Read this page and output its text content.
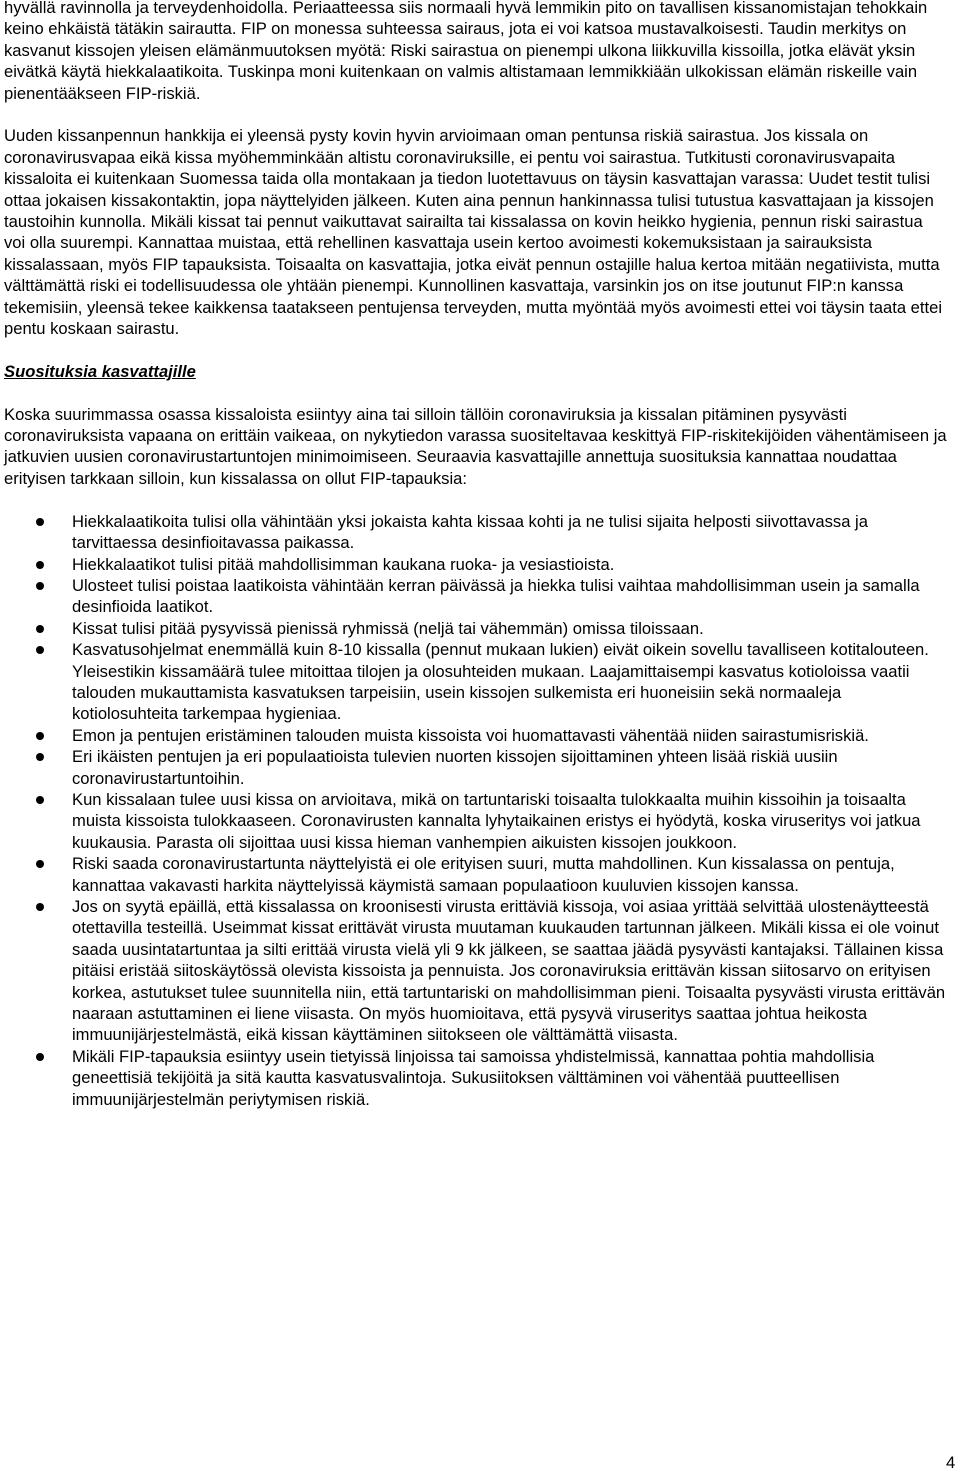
hyvällä ravinnolla ja terveydenhoidolla. Periaatteessa siis normaali hyvä lemmikin pito on tavallisen kissanomistajan tehokkain keino ehkäistä tätäkin sairautta. FIP on monessa suhteessa sairaus, jota ei voi katsoa mustavalkoisesti. Taudin merkitys on kasvanut kissojen yleisen elämänmuutoksen myötä: Riski sairastua on pienempi ulkona liikkuvilla kissoilla, jotka elävät yksin eivätkä käytä hiekkalaatikoita. Tuskinpa moni kuitenkaan on valmis altistamaan lemmikkiään ulkokissan elämän riskeille vain pienentääkseen FIP-riskiä.

Uuden kissanpennun hankkija ei yleensä pysty kovin hyvin arvioimaan oman pentunsa riskiä sairastua. Jos kissala on coronavirusvapaa eikä kissa myöhemminkään altistu coronaviruksille, ei pentu voi sairastua. Tutkitusti coronavirusvapaita kissaloita ei kuitenkaan Suomessa taida olla montakaan ja tiedon luotettavuus on täysin kasvattajan varassa: Uudet testit tulisi ottaa jokaisen kissakontaktin, jopa näyttelyiden jälkeen. Kuten aina pennun hankinnassa tulisi tutustua kasvattajaan ja kissojen taustoihin kunnolla. Mikäli kissat tai pennut vaikuttavat sairailta tai kissalassa on kovin heikko hygienia, pennun riski sairastua voi olla suurempi. Kannattaa muistaa, että rehellinen kasvattaja usein kertoo avoimesti kokemuksistaan ja sairauksista kissalassaan, myös FIP tapauksista. Toisaalta on kasvattajia, jotka eivät pennun ostajille halua kertoa mitään negatiivista, mutta välttämättä riski ei todellisuudessa ole yhtään pienempi. Kunnollinen kasvattaja, varsinkin jos on itse joutunut FIP:n kanssa tekemisiin, yleensä tekee kaikkensa taatakseen pentujensa terveyden, mutta myöntää myös avoimesti ettei voi täysin taata ettei pentu koskaan sairastu.

Suosituksia kasvattajille

Koska suurimmassa osassa kissaloista esiintyy aina tai silloin tällöin coronaviruksia ja kissalan pitäminen pysyvästi coronaviruksista vapaana on erittäin vaikeaa, on nykytiedon varassa suositeltavaa keskittyä FIP-riskitekijöiden vähentämiseen ja jatkuvien uusien coronavirustartuntojen minimoimiseen. Seuraavia kasvattajille annettuja suosituksia kannattaa noudattaa erityisen tarkkaan silloin, kun kissalassa on ollut FIP-tapauksia:

Hiekkalaatikoita tulisi olla vähintään yksi jokaista kahta kissaa kohti ja ne tulisi sijaita helposti siivottavassa ja tarvittaessa desinfioitavassa paikassa.
Hiekkalaatikot tulisi pitää mahdollisimman kaukana ruoka- ja vesiastioista.
Ulosteet tulisi poistaa laatikoista vähintään kerran päivässä ja hiekka tulisi vaihtaa mahdollisimman usein ja samalla desinfioida laatikot.
Kissat tulisi pitää pysyvissä pienissä ryhmissä (neljä tai vähemmän) omissa tiloissaan.
Kasvatusohjelmat enemmällä kuin 8-10 kissalla (pennut mukaan lukien) eivät oikein sovellu tavalliseen kotitalouteen. Yleisestikin kissamäärä tulee mitoittaa tilojen ja olosuhteiden mukaan. Laajamittaisempi kasvatus kotioloissa vaatii talouden mukauttamista kasvatuksen tarpeisiin, usein kissojen sulkemista eri huoneisiin sekä normaaleja kotiolosuhteita tarkempaa hygieniaa.
Emon ja pentujen eristäminen talouden muista kissoista voi huomattavasti vähentää niiden sairastumisriskiä.
Eri ikäisten pentujen ja eri populaatioista tulevien nuorten kissojen sijoittaminen yhteen lisää riskiä uusiin coronavirustartuntoihin.
Kun kissalaan tulee uusi kissa on arvioitava, mikä on tartuntariski toisaalta tulokkaalta muihin kissoihin ja toisaalta muista kissoista tulokkaaseen. Coronavirusten kannalta lyhytaikainen eristys ei hyödytä, koska viruseritys voi jatkua kuukausia. Parasta oli sijoittaa uusi kissa hieman vanhempien aikuisten kissojen joukkoon.
Riski saada coronavirustartunta näyttelyistä ei ole erityisen suuri, mutta mahdollinen. Kun kissalassa on pentuja, kannattaa vakavasti harkita näyttelyissä käymistä samaan populaatioon kuuluvien kissojen kanssa.
Jos on syytä epäillä, että kissalassa on kroonisesti virusta erittäviä kissoja, voi asiaa yrittää selvittää ulostenäytteestä otettavilla testeillä. Useimmat kissat erittävät virusta muutaman kuukauden tartunnan jälkeen. Mikäli kissa ei ole voinut saada uusintatartuntaa ja silti erittää virusta vielä yli 9 kk jälkeen, se saattaa jäädä pysyvästi kantajaksi. Tällainen kissa pitäisi eristää siitoskäytössä olevista kissoista ja pennuista. Jos coronaviruksia erittävän kissan siitosarvo on erityisen korkea, astutukset tulee suunnitella niin, että tartuntariski on mahdollisimman pieni. Toisaalta pysyvästi virusta erittävän naaraan astuttaminen ei liene viisasta. On myös huomioitava, että pysyvä viruseritys saattaa johtua heikosta immuunijärjestelmästä, eikä kissan käyttäminen siitokseen ole välttämättä viisasta.
Mikäli FIP-tapauksia esiintyy usein tietyissä linjoissa tai samoissa yhdistelmissä, kannattaa pohtia mahdollisia geneettisiä tekijöitä ja sitä kautta kasvatusvalintoja. Sukusiitoksen välttäminen voi vähentää puutteellisen immuunijärjestelmän periytymisen riskiä.
4
